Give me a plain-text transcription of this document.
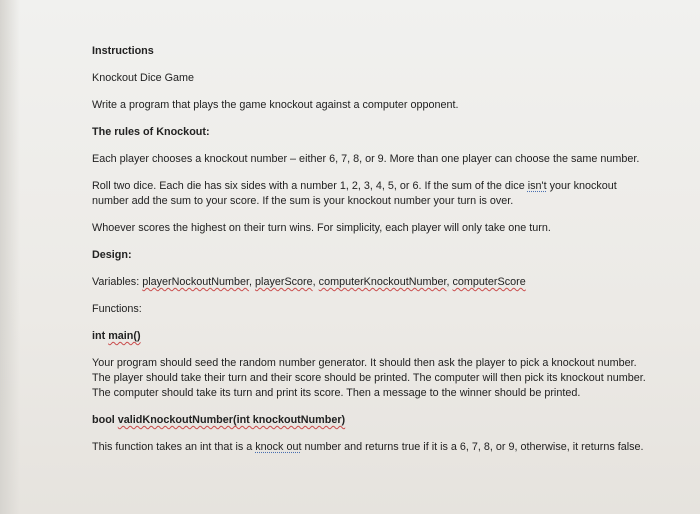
Instructions
Knockout Dice Game
Write a program that plays the game knockout against a computer opponent.
The rules of Knockout:
Each player chooses a knockout number – either 6, 7, 8, or 9. More than one player can choose the same number.
Roll two dice. Each die has six sides with a number 1, 2, 3, 4, 5, or 6. If the sum of the dice isn't your knockout number add the sum to your score. If the sum is your knockout number your turn is over.
Whoever scores the highest on their turn wins. For simplicity, each player will only take one turn.
Design:
Variables: playerNockoutNumber, playerScore, computerKnockoutNumber, computerScore
Functions:
int main()
Your program should seed the random number generator. It should then ask the player to pick a knockout number. The player should take their turn and their score should be printed. The computer will then pick its knockout number. The computer should take its turn and print its score. Then a message to the winner should be printed.
bool validKnockoutNumber(int knockoutNumber)
This function takes an int that is a knock out number and returns true if it is a 6, 7, 8, or 9, otherwise, it returns false.
